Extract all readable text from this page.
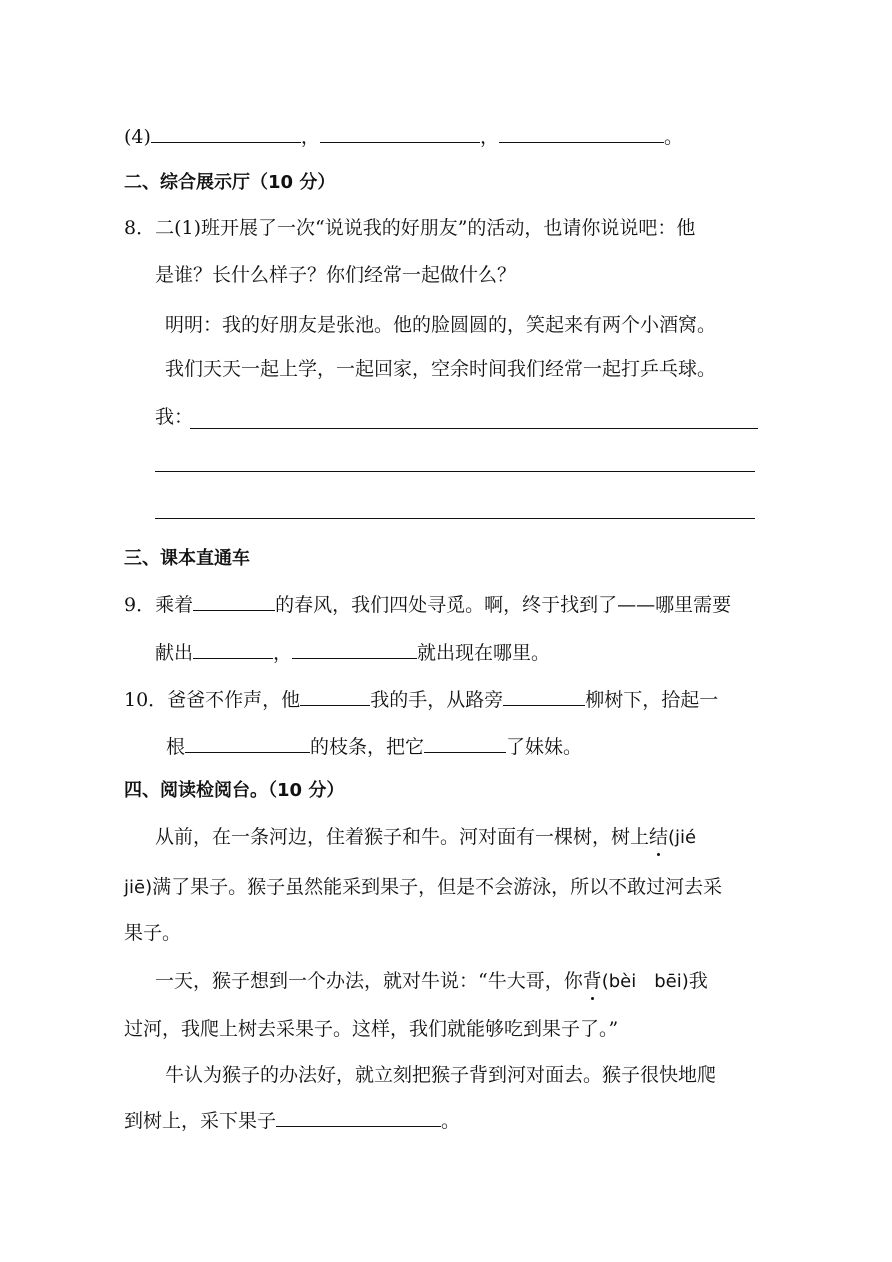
(4)	，	，	。
二、综合展示厅（10 分）
8．二(1)班开展了一次“说说我的好朋友”的活动，也请你说说吧：他
是谁？长什么样子？你们经常一起做什么？
明明：我的好朋友是张池。他的脸圆圆的，笑起来有两个小酒窝。
我们天天一起上学，一起回家，空余时间我们经常一起打乒乓球。
我：
三、课本直通车
9．乘着	的春风，我们四处寻觅。啊，终于找到了——哪里需要
献出	，	就出现在哪里。
10．爸爸不作声，他	我的手，从路旁	柳树下，拾起一
根	的枝条，把它	了妹妹。
四、阅读检阅台。（10 分）
从前，在一条河边，住着猴子和牛。河对面有一棵树，树上结(jié
jiē)满了果子。猴子虽然能采到果子，但是不会游泳，所以不敢过河去采
果子。
一天，猴子想到一个办法，就对牛说：“牛大哥，你背(bèi　bēi)我
过河，我爬上树去采果子。这样，我们就能够吃到果子了。”
牛认为猴子的办法好，就立刻把猴子背到河对面去。猴子很快地爬
到树上，采下果子	。
